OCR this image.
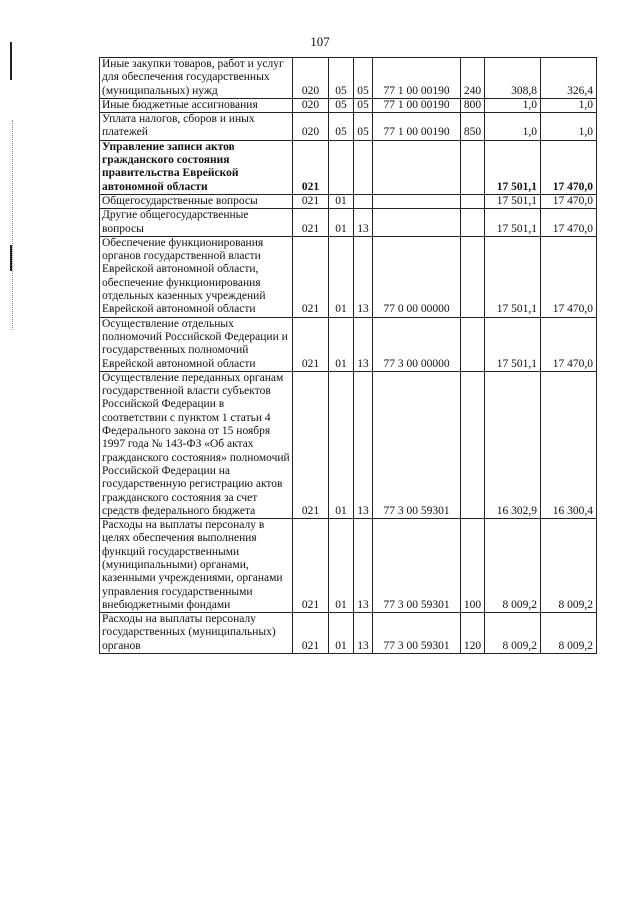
107
Иные закупки товаров, работ и услуг для обеспечения государственных (муниципальных) нужд	020	05	05	77 1 00 00190	240	308,8	326,4
Иные бюджетные ассигнования	020	05	05	77 1 00 00190	800	1,0	1,0
Уплата налогов, сборов и иных платежей	020	05	05	77 1 00 00190	850	1,0	1,0
Управление записи актов гражданского состояния правительства Еврейской автономной области	021					17 501,1	17 470,0
Общегосударственные вопросы	021	01				17 501,1	17 470,0
Другие общегосударственные вопросы	021	01	13			17 501,1	17 470,0
Обеспечение функционирования органов государственной власти Еврейской автономной области, обеспечение функционирования отдельных казенных учреждений Еврейской автономной области	021	01	13	77 0 00 00000		17 501,1	17 470,0
Осуществление отдельных полномочий Российской Федерации и государственных полномочий Еврейской автономной области	021	01	13	77 3 00 00000		17 501,1	17 470,0
Осуществление переданных органам государственной власти субъектов Российской Федерации в соответствии с пунктом 1 статьи 4 Федерального закона от 15 ноября 1997 года № 143-ФЗ «Об актах гражданского состояния» полномочий Российской Федерации на государственную регистрацию актов гражданского состояния за счет средств федерального бюджета	021	01	13	77 3 00 59301		16 302,9	16 300,4
Расходы на выплаты персоналу в целях обеспечения выполнения функций государственными (муниципальными) органами, казенными учреждениями, органами управления государственными внебюджетными фондами	021	01	13	77 3 00 59301	100	8 009,2	8 009,2
Расходы на выплаты персоналу государственных (муниципальных) органов	021	01	13	77 3 00 59301	120	8 009,2	8 009,2
